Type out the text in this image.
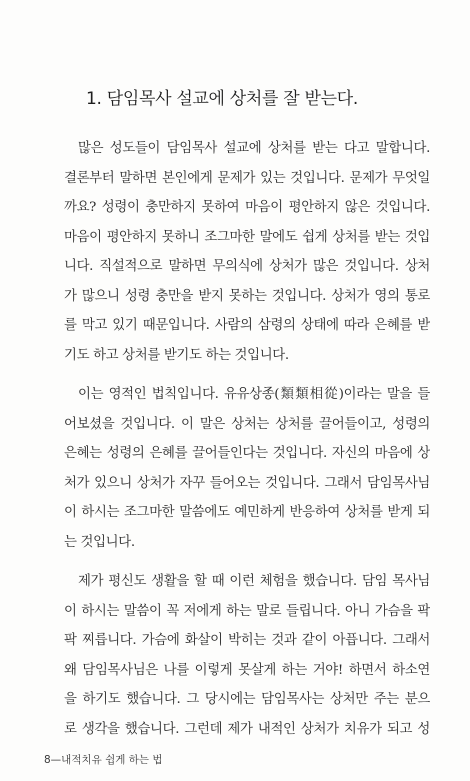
1. 담임목사 설교에 상처를 잘 받는다.

많은 성도들이 담임목사 설교에 상처를 받는 다고 말합니다.
결론부터 말하면 본인에게 문제가 있는 것입니다. 문제가 무엇일
까요? 성령이 충만하지 못하여 마음이 평안하지 않은 것입니다.
마음이 평안하지 못하니 조그마한 말에도 쉽게 상처를 받는 것입
니다. 직설적으로 말하면 무의식에 상처가 많은 것입니다. 상처
가 많으니 성령 충만을 받지 못하는 것입니다. 상처가 영의 통로
를 막고 있기 때문입니다. 사람의 삼령의 상태에 따라 은혜를 받
기도 하고 상처를 받기도 하는 것입니다.

이는 영적인 법칙입니다. 유유상종(類類相從)이라는 말을 들
어보셨을 것입니다. 이 말은 상처는 상처를 끌어들이고, 성령의
은혜는 성령의 은혜를 끌어들인다는 것입니다. 자신의 마음에 상
처가 있으니 상처가 자꾸 들어오는 것입니다. 그래서 담임목사님
이 하시는 조그마한 말씀에도 예민하게 반응하여 상처를 받게 되
는 것입니다.

제가 평신도 생활을 할 때 이런 체험을 했습니다. 담임 목사님
이 하시는 말씀이 꼭 저에게 하는 말로 들립니다. 아니 가슴을 팍
팍 찌릅니다. 가슴에 화살이 박히는 것과 같이 아픕니다. 그래서
왜 담임목사님은 나를 이렇게 못살게 하는 거야! 하면서 하소연
을 하기도 했습니다. 그 당시에는 담임목사는 상처만 주는 분으
로 생각을 했습니다. 그런데 제가 내적인 상처가 치유가 되고 성

8—내적치유 쉽게 하는 법
